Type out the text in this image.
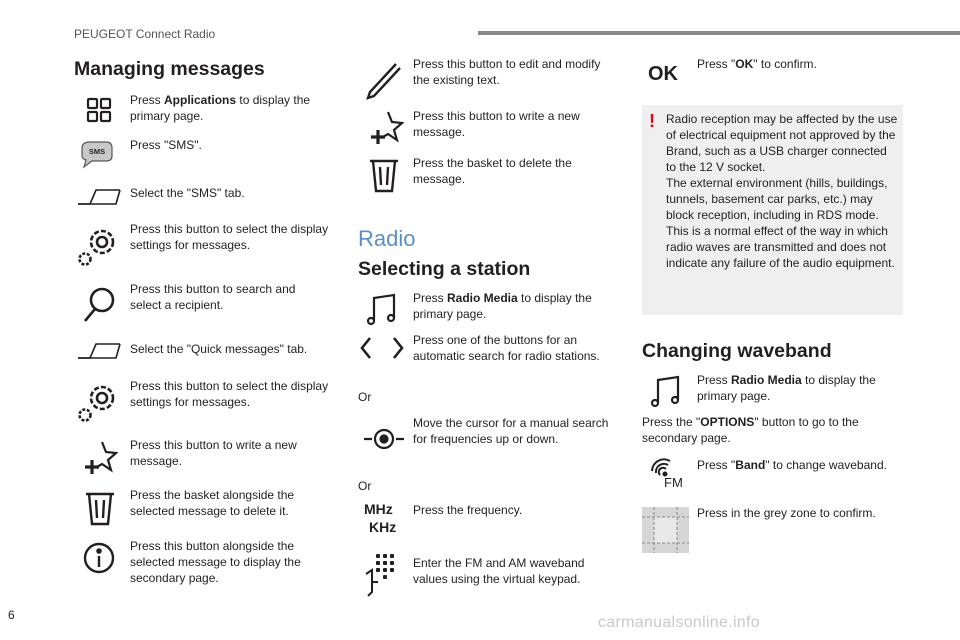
PEUGEOT Connect Radio
Managing messages
Press Applications to display the primary page.
SMS Press "SMS".
Select the "SMS" tab.
Press this button to select the display settings for messages.
Press this button to search and select a recipient.
Select the "Quick messages" tab.
Press this button to select the display settings for messages.
Press this button to write a new message.
Press the basket alongside the selected message to delete it.
Press this button alongside the selected message to display the secondary page.
Press this button to edit and modify the existing text.
Press this button to write a new message.
Press the basket to delete the message.
Radio
Selecting a station
Press Radio Media to display the primary page.
Press one of the buttons for an automatic search for radio stations.
Or
Move the cursor for a manual search for frequencies up or down.
Or
MHz
KHz
Press the frequency.
Enter the FM and AM waveband values using the virtual keypad.
OK	Press "OK" to confirm.
! Radio reception may be affected by the use of electrical equipment not approved by the Brand, such as a USB charger connected to the 12 V socket.
The external environment (hills, buildings, tunnels, basement car parks, etc.) may block reception, including in RDS mode. This is a normal effect of the way in which radio waves are transmitted and does not indicate any failure of the audio equipment.
Changing waveband
Press Radio Media to display the primary page.
Press the "OPTIONS" button to go to the secondary page.
FM
Press "Band" to change waveband.
Press in the grey zone to confirm.
6	carmanualsonline.info
